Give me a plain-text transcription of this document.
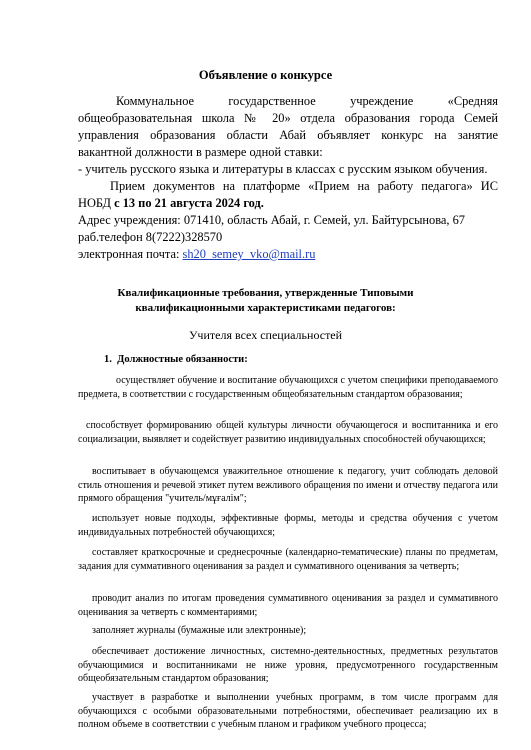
Объявление о конкурсе
Коммунальное	государственное	учреждение	«Средняя
общеобразовательная школа № 20» отдела образования города Семей
управления образования области Абай объявляет конкурс на занятие
вакантной должности в размере одной ставки:
- учитель русского языка и литературы в классах с русским языком обучения.
Прием документов на платформе «Прием на работу педагога» ИС
НОБД с 13 по 21 августа 2024 год.
Адрес учреждения: 071410, область Абай, г. Семей, ул. Байтурсынова, 67
раб.телефон 8(7222)328570
электронная почта: sh20_semey_vko@mail.ru
Квалификационные требования, утвержденные Типовыми
квалификационными характеристиками педагогов:
Учителя всех специальностей
1. Должностные обязанности:
осуществляет обучение и воспитание обучающихся с учетом специфики преподаваемого предмета, в соответствии с государственным общеобязательным стандартом образования;
способствует формированию общей культуры личности обучающегося и воспитанника и его социализации, выявляет и содействует развитию индивидуальных способностей обучающихся;
воспитывает в обучающемся уважительное отношение к педагогу, учит соблюдать деловой стиль отношения и речевой этикет путем вежливого обращения по имени и отчеству педагога или прямого обращения "учитель/мұғалім";
использует новые подходы, эффективные формы, методы и средства обучения с учетом индивидуальных потребностей обучающихся;
составляет краткосрочные и среднесрочные (календарно-тематические) планы по предметам, задания для суммативного оценивания за раздел и суммативного оценивания за четверть;
проводит анализ по итогам проведения суммативного оценивания за раздел и суммативного оценивания за четверть с комментариями;
заполняет журналы (бумажные или электронные);
обеспечивает достижение личностных, системно-деятельностных, предметных результатов обучающимися и воспитанниками не ниже уровня, предусмотренного государственным общеобязательным стандартом образования;
участвует в разработке и выполнении учебных программ, в том числе программ для обучающихся с особыми образовательными потребностями, обеспечивает реализацию их в полном объеме в соответствии с учебным планом и графиком учебного процесса;
